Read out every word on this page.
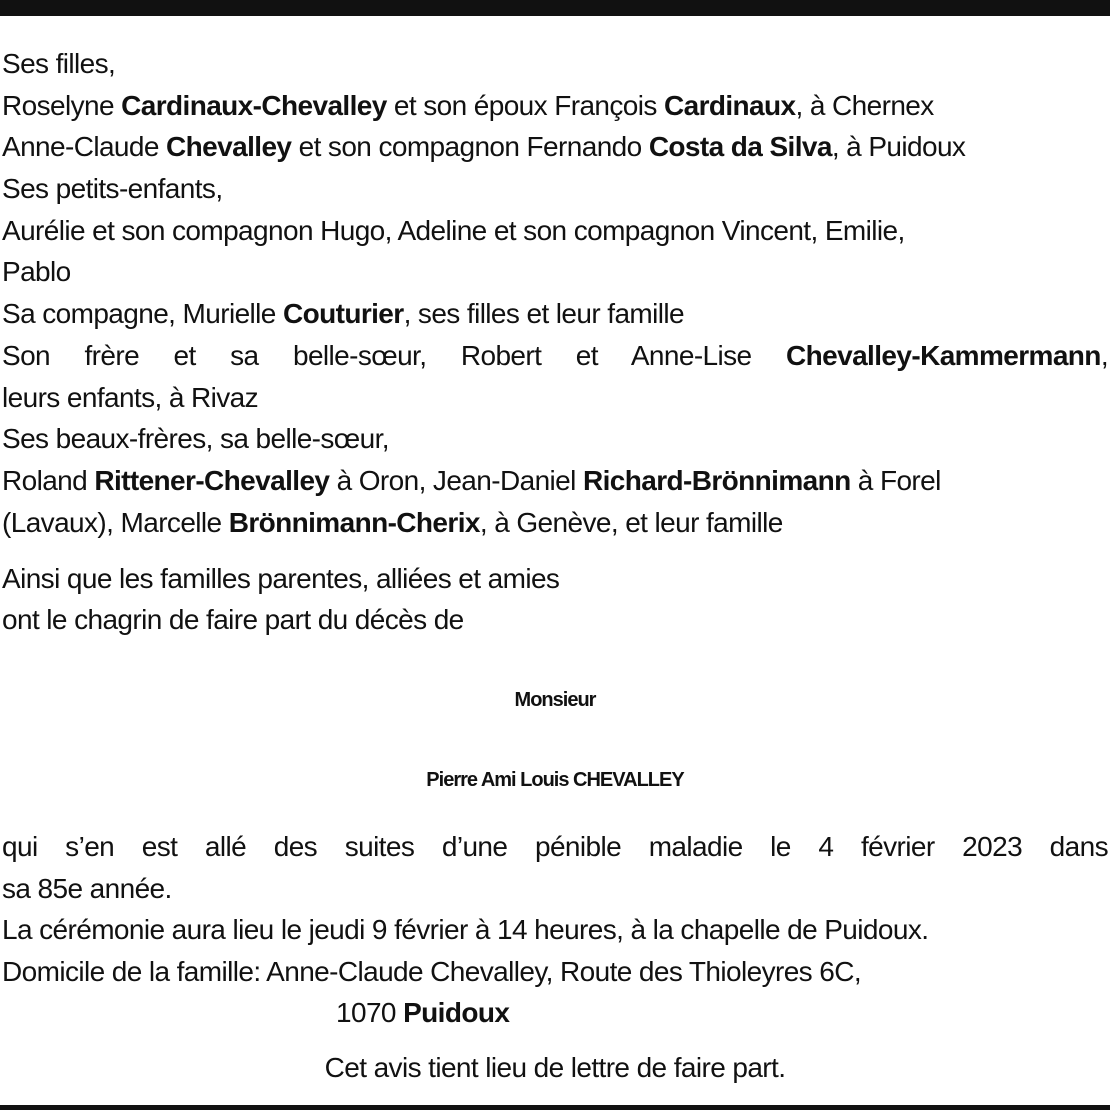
Ses filles,
Roselyne Cardinaux-Chevalley et son époux François Cardinaux, à Chernex
Anne-Claude Chevalley et son compagnon Fernando Costa da Silva, à Puidoux
Ses petits-enfants,
Aurélie et son compagnon Hugo, Adeline et son compagnon Vincent, Emilie,
Pablo
Sa compagne, Murielle Couturier, ses filles et leur famille
Son frère et sa belle-sœur, Robert et Anne-Lise Chevalley-Kammermann,
leurs enfants, à Rivaz
Ses beaux-frères, sa belle-sœur,
Roland Rittener-Chevalley à Oron, Jean-Daniel Richard-Brönnimann à Forel
(Lavaux), Marcelle Brönnimann-Cherix, à Genève, et leur famille
Ainsi que les familles parentes, alliées et amies
ont le chagrin de faire part du décès de
Monsieur
Pierre Ami Louis CHEVALLEY
qui s’en est allé des suites d’une pénible maladie le 4 février 2023 dans
sa 85e année.
La cérémonie aura lieu le jeudi 9 février à 14 heures, à la chapelle de Puidoux.
Domicile de la famille: Anne-Claude Chevalley, Route des Thioleyres 6C,
1070 Puidoux
Cet avis tient lieu de lettre de faire part.
